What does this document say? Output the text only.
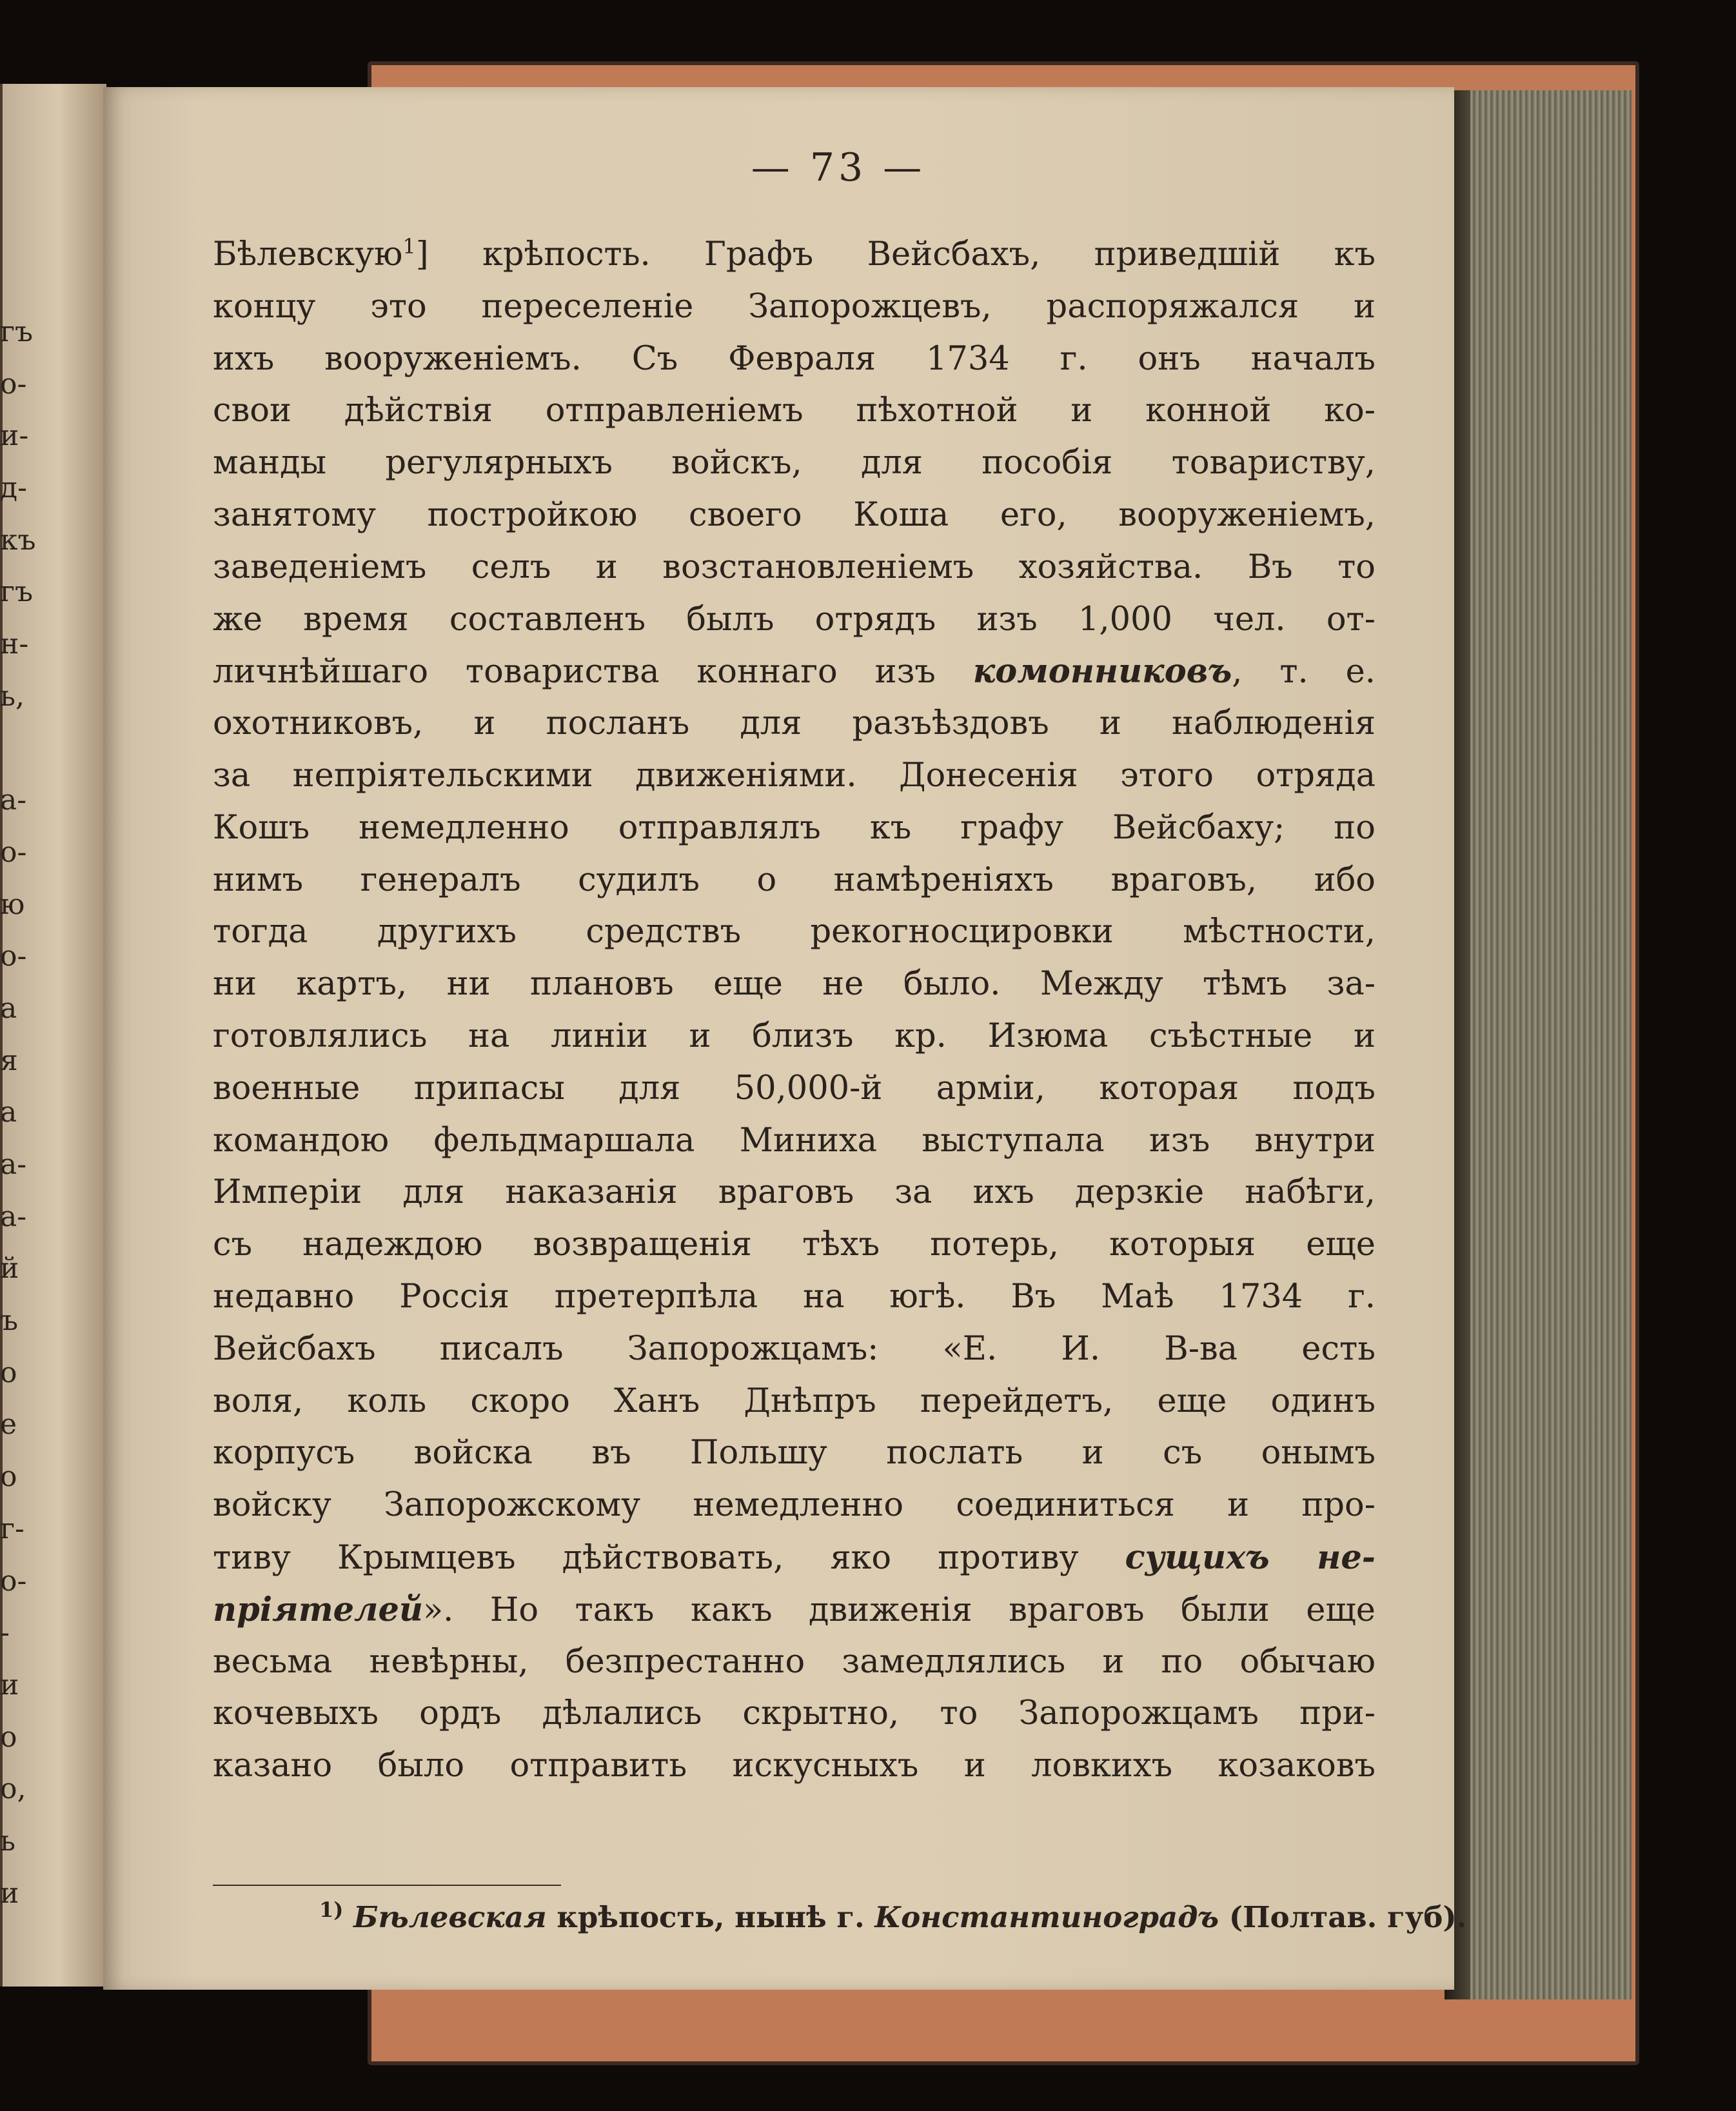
гъ
о-
и-
д-
къ
гъ
н-
ь,
а-
о-
ю
о-
а
я
а
а-
а-
й
ъ
о
е
о
г-
о-
-
и
о
о,
ь
и
— 73 —
Бѣлевскую$^1$] крѣпость. Графъ Вейсбахъ, приведшій къ
концу это переселеніе Запорожцевъ, распоряжался и
ихъ вооруженіемъ. Съ Февраля 1734 г. онъ началъ
свои дѣйствія отправленіемъ пѣхотной и конной ко-
манды регулярныхъ войскъ, для пособія товариству,
занятому постройкою своего Коша его, вооруженіемъ,
заведеніемъ селъ и возстановленіемъ хозяйства. Въ то
же время составленъ былъ отрядъ изъ 1,000 чел. от-
личнѣйшаго товариства коннаго изъ комонниковъ, т. е.
охотниковъ, и посланъ для разъѣздовъ и наблюденія
за непріятельскими движеніями. Донесенія этого отряда
Кошъ немедленно отправлялъ къ графу Вейсбаху; по
нимъ генералъ судилъ о намѣреніяхъ враговъ, ибо
тогда другихъ средствъ рекогносцировки мѣстности,
ни картъ, ни плановъ еще не было. Между тѣмъ за-
готовлялись на линіи и близъ кр. Изюма съѣстные и
военные припасы для 50,000-й арміи, которая подъ
командою фельдмаршала Миниха выступала изъ внутри
Имперіи для наказанія враговъ за ихъ дерзкіе набѣги,
съ надеждою возвращенія тѣхъ потерь, которыя еще
недавно Россія претерпѣла на югѣ. Въ Маѣ 1734 г.
Вейсбахъ писалъ Запорожцамъ: «Е. И. В-ва есть
воля, коль скоро Ханъ Днѣпръ перейдетъ, еще одинъ
корпусъ войска въ Польшу послать и съ онымъ
войску Запорожскому немедленно соединиться и про-
тиву Крымцевъ дѣйствовать, яко противу сущихъ не-
пріятелей». Но такъ какъ движенія враговъ были еще
весьма невѣрны, безпрестанно замедлялись и по обычаю
кочевыхъ ордъ дѣлались скрытно, то Запорожцамъ при-
казано было отправить искусныхъ и ловкихъ козаковъ
$^{1)}$ Бѣлевская крѣпость, нынѣ г. Константиноградъ (Полтав. губ).
